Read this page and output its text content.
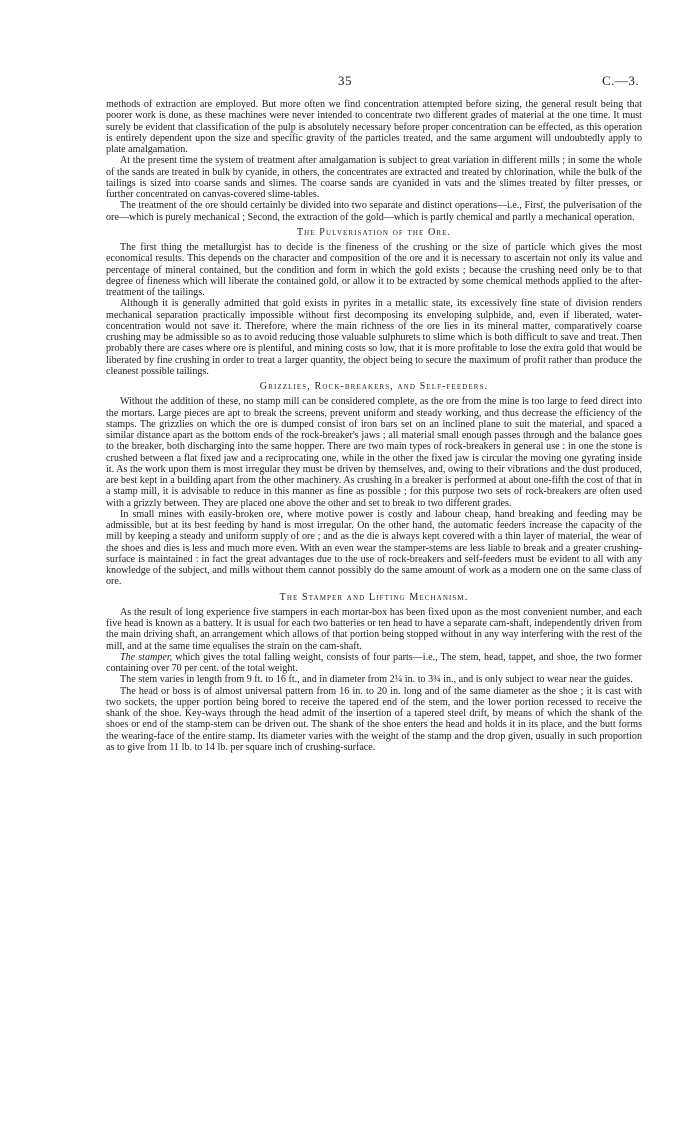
35	C.—3.

methods of extraction are employed. But more often we find concentration attempted before sizing, the general result being that poorer work is done, as these machines were never intended to concentrate two different grades of material at the one time. It must surely be evident that classification of the pulp is absolutely necessary before proper concentration can be effected, as this operation is entirely dependent upon the size and specific gravity of the particles treated, and the same argument will undoubtedly apply to plate amalgamation.

At the present time the system of treatment after amalgamation is subject to great variation in different mills ; in some the whole of the sands are treated in bulk by cyanide, in others, the concentrates are extracted and treated by chlorination, while the bulk of the tailings is sized into coarse sands and slimes. The coarse sands are cyanided in vats and the slimes treated by filter presses, or further concentrated on canvas-covered slime-tables.

The treatment of the ore should certainly be divided into two separate and distinct operations—i.e., First, the pulverisation of the ore—which is purely mechanical ; Second, the extraction of the gold—which is partly chemical and partly a mechanical operation.

The Pulverisation of the Ore.

The first thing the metallurgist has to decide is the fineness of the crushing or the size of particle which gives the most economical results. This depends on the character and composition of the ore and it is necessary to ascertain not only its value and percentage of mineral contained, but the condition and form in which the gold exists ; because the crushing need only be to that degree of fineness which will liberate the contained gold, or allow it to be extracted by some chemical methods applied to the after-treatment of the tailings.

Although it is generally admitted that gold exists in pyrites in a metallic state, its excessively fine state of division renders mechanical separation practically impossible without first decomposing its enveloping sulphide, and, even if liberated, water-concentration would not save it. Therefore, where the main richness of the ore lies in its mineral matter, comparatively coarse crushing may be admissible so as to avoid reducing those valuable sulphurets to slime which is both difficult to save and treat. Then probably there are cases where ore is plentiful, and mining costs so low, that it is more profitable to lose the extra gold that would be liberated by fine crushing in order to treat a larger quantity, the object being to secure the maximum of profit rather than produce the cleanest possible tailings.

Grizzlies, Rock-breakers, and Self-feeders.

Without the addition of these, no stamp mill can be considered complete, as the ore from the mine is too large to feed direct into the mortars. Large pieces are apt to break the screens, prevent uniform and steady working, and thus decrease the efficiency of the stamps. The grizzlies on which the ore is dumped consist of iron bars set on an inclined plane to suit the material, and spaced a similar distance apart as the bottom ends of the rock-breaker's jaws ; all material small enough passes through and the balance goes to the breaker, both discharging into the same hopper. There are two main types of rock-breakers in general use : in one the stone is crushed between a flat fixed jaw and a reciprocating one, while in the other the fixed jaw is circular the moving one gyrating inside it. As the work upon them is most irregular they must be driven by themselves, and, owing to their vibrations and the dust produced, are best kept in a building apart from the other machinery. As crushing in a breaker is performed at about one-fifth the cost of that in a stamp mill, it is advisable to reduce in this manner as fine as possible ; for this purpose two sets of rock-breakers are often used with a grizzly between. They are placed one above the other and set to break to two different grades.

In small mines with easily-broken ore, where motive power is costly and labour cheap, hand breaking and feeding may be admissible, but at its best feeding by hand is most irregular. On the other hand, the automatic feeders increase the capacity of the mill by keeping a steady and uniform supply of ore ; and as the die is always kept covered with a thin layer of material, the wear of the shoes and dies is less and much more even. With an even wear the stamper-stems are less liable to break and a greater crushing-surface is maintained : in fact the great advantages due to the use of rock-breakers and self-feeders must be evident to all with any knowledge of the subject, and mills without them cannot possibly do the same amount of work as a modern one on the same class of ore.

The Stamper and Lifting Mechanism.

As the result of long experience five stampers in each mortar-box has been fixed upon as the most convenient number, and each five head is known as a battery. It is usual for each two batteries or ten head to have a separate cam-shaft, independently driven from the main driving shaft, an arrangement which allows of that portion being stopped without in any way interfering with the rest of the mill, and at the same time equalises the strain on the cam-shaft.

The stamper, which gives the total falling weight, consists of four parts—i.e., The stem, head, tappet, and shoe, the two former containing over 70 per cent. of the total weight.

The stem varies in length from 9 ft. to 16 ft., and in diameter from 2¼ in. to 3¾ in., and is only subject to wear near the guides.

The head or boss is of almost universal pattern from 16 in. to 20 in. long and of the same diameter as the shoe ; it is cast with two sockets, the upper portion being bored to receive the tapered end of the stem, and the lower portion recessed to receive the shank of the shoe. Key-ways through the head admit of the insertion of a tapered steel drift, by means of which the shank of the shoes or end of the stamp-stem can be driven out. The shank of the shoe enters the head and holds it in its place, and the butt forms the wearing-face of the entire stamp. Its diameter varies with the weight of the stamp and the drop given, usually in such proportion as to give from 11 lb. to 14 lb. per square inch of crushing-surface.
